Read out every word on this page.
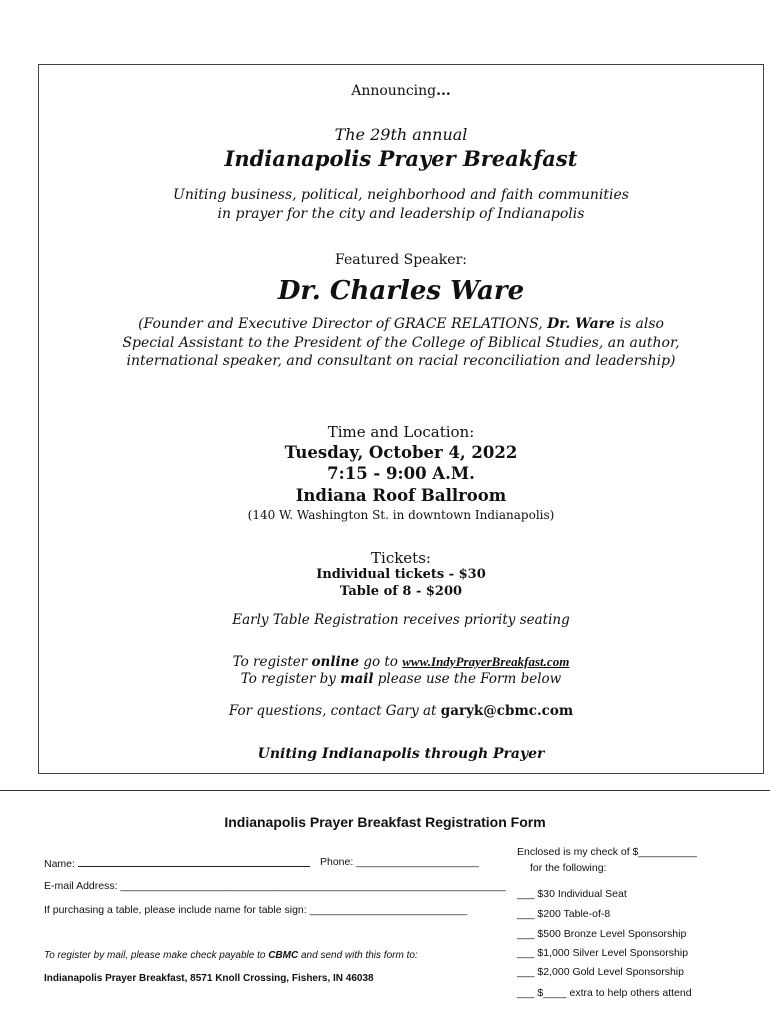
Announcing...
The 29th annual
Indianapolis Prayer Breakfast
Uniting business, political, neighborhood and faith communities
in prayer for the city and leadership of Indianapolis
Featured Speaker:
Dr. Charles Ware
(Founder and Executive Director of GRACE RELATIONS, Dr. Ware is also
Special Assistant to the President of the College of Biblical Studies, an author,
international speaker, and consultant on racial reconciliation and leadership)
Time and Location:
Tuesday, October 4, 2022
7:15 - 9:00 A.M.
Indiana Roof Ballroom
(140 W. Washington St. in downtown Indianapolis)
Tickets:
Individual tickets - $30
Table of 8 - $200
Early Table Registration receives priority seating
To register online go to www.IndyPrayerBreakfast.com
To register by mail please use the Form below
For questions, contact Gary at garyk@cbmc.com
Uniting Indianapolis through Prayer
Indianapolis Prayer Breakfast Registration Form
Name:	Phone: _____________________
E-mail Address: __________________________________________________________________
If purchasing a table, please include name for table sign: ___________________________
To register by mail, please make check payable to CBMC and send with this form to:
Indianapolis Prayer Breakfast, 8571 Knoll Crossing, Fishers, IN 46038
Enclosed is my check of $__________
for the following:
___ $30 Individual Seat
___ $200 Table-of-8
___ $500 Bronze Level Sponsorship
___ $1,000 Silver Level Sponsorship
___ $2,000 Gold Level Sponsorship
___ $____ extra to help others attend
